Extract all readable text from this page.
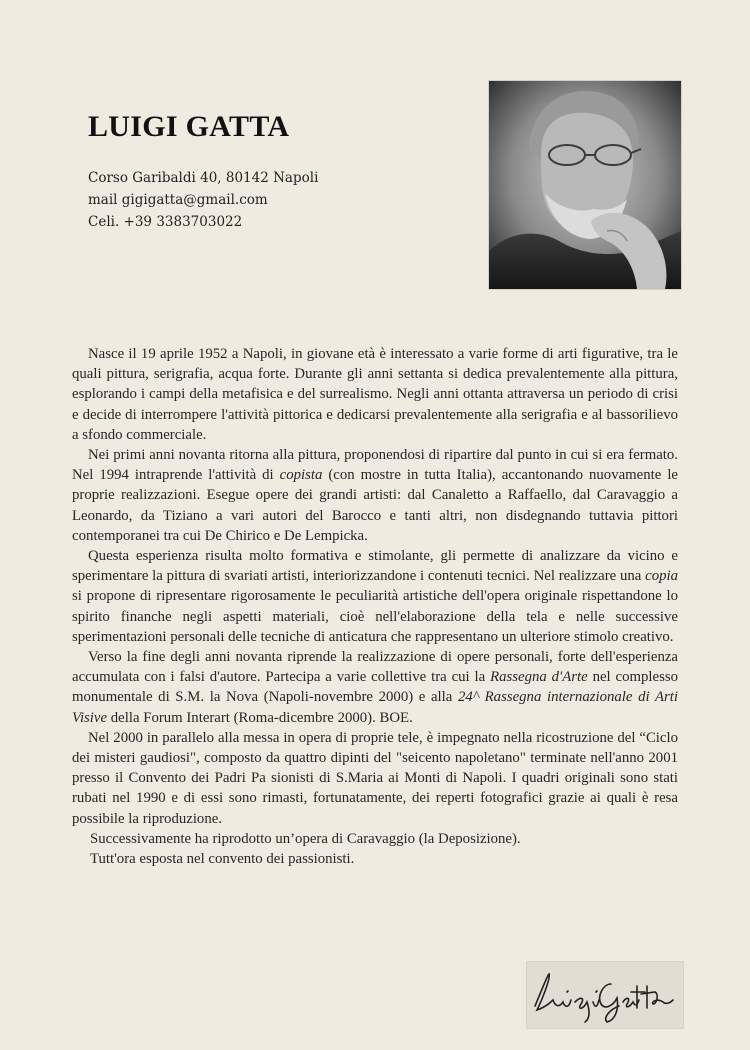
LUIGI GATTA
Corso Garibaldi 40, 80142 Napoli
mail gigigatta@gmail.com
Celi. +39 3383703022

Nasce il 19 aprile 1952 a Napoli, in giovane età è interessato a varie forme di arti figurative, tra le quali pittura, serigrafia, acqua forte. Durante gli anni settanta si dedica prevalentemente alla pittura, esplorando i campi della metafisica e del surrealismo. Negli anni ottanta attraversa un periodo di crisi e decide di interrompere l'attività pittorica e dedicarsi prevalentemente alla serigrafia e al bassorilievo a sfondo commerciale.

Nei primi anni novanta ritorna alla pittura, proponendosi di ripartire dal punto in cui si era fermato. Nel 1994 intraprende l'attività di copista (con mostre in tutta Italia), accantonando nuovamente le proprie realizzazioni. Esegue opere dei grandi artisti: dal Canaletto a Raffaello, dal Caravaggio a Leonardo, da Tiziano a vari autori del Barocco e tanti altri, non disdegnando tuttavia pittori contemporanei tra cui De Chirico e De Lempicka.

Questa esperienza risulta molto formativa e stimolante, gli permette di analizzare da vicino e sperimentare la pittura di svariati artisti, interiorizzandone i contenuti tecnici. Nel realizzare una copia si propone di ripresentare rigorosamente le peculiarità artistiche dell'opera originale rispettandone lo spirito finanche negli aspetti materiali, cioè nell'elaborazione della tela e nelle successive sperimentazioni personali delle tecniche di anticatura che rappresentano un ulteriore stimolo creativo.

Verso la fine degli anni novanta riprende la realizzazione di opere personali, forte dell'esperienza accumulata con i falsi d'autore. Partecipa a varie collettive tra cui la Rassegna d'Arte nel complesso monumentale di S.M. la Nova (Napoli-novembre 2000) e alla 24^ Rassegna internazionale di Arti Visive della Forum Interart (Roma-dicembre 2000). BOE.

Nel 2000 in parallelo alla messa in opera di proprie tele, è impegnato nella ricostruzione del “Ciclo dei misteri gaudiosi", composto da quattro dipinti del "seicento napoletano" terminate nell'anno 2001 presso il Convento dei Padri Pa sionisti di S.Maria ai Monti di Napoli. I quadri originali sono stati rubati nel 1990 e di essi sono rimasti, fortunatamente, dei reperti fotografici grazie ai quali è resa possibile la riproduzione.

Successivamente ha riprodotto un’opera di Caravaggio (la Deposizione).

Tutt'ora esposta nel convento dei passionisti.
